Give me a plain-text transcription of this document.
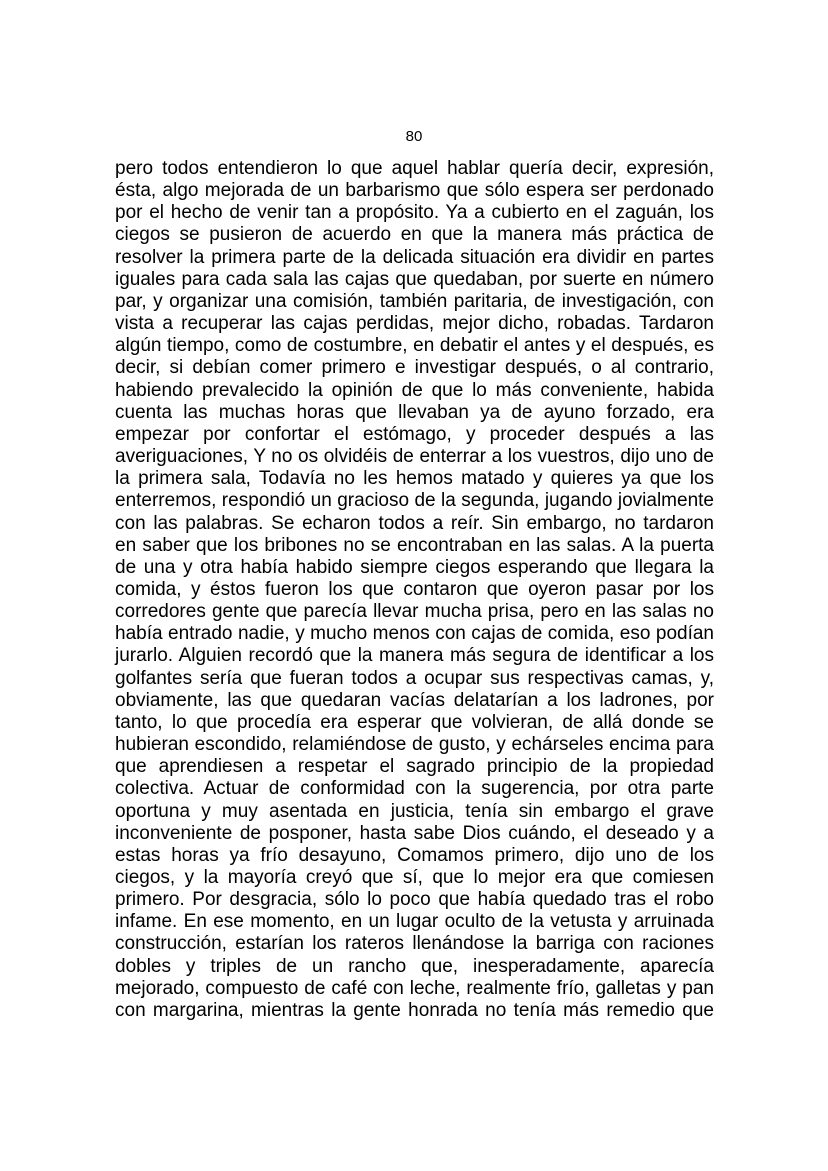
80
pero todos entendieron lo que aquel hablar quería decir, expresión,
ésta, algo mejorada de un barbarismo que sólo espera ser perdonado
por el hecho de venir tan a propósito. Ya a cubierto en el zaguán, los
ciegos se pusieron de acuerdo en que la manera más práctica de
resolver la primera parte de la delicada situación era dividir en partes
iguales para cada sala las cajas que quedaban, por suerte en número
par, y organizar una comisión, también paritaria, de investigación, con
vista a recuperar las cajas perdidas, mejor dicho, robadas. Tardaron
algún tiempo, como de costumbre, en debatir el antes y el después, es
decir, si debían comer primero e investigar después, o al contrario,
habiendo prevalecido la opinión de que lo más conveniente, habida
cuenta las muchas horas que llevaban ya de ayuno forzado, era
empezar por confortar el estómago, y proceder después a las
averiguaciones, Y no os olvidéis de enterrar a los vuestros, dijo uno de
la primera sala, Todavía no les hemos matado y quieres ya que los
enterremos, respondió un gracioso de la segunda, jugando jovialmente
con las palabras. Se echaron todos a reír. Sin embargo, no tardaron
en saber que los bribones no se encontraban en las salas. A la puerta
de una y otra había habido siempre ciegos esperando que llegara la
comida, y éstos fueron los que contaron que oyeron pasar por los
corredores gente que parecía llevar mucha prisa, pero en las salas no
había entrado nadie, y mucho menos con cajas de comida, eso podían
jurarlo. Alguien recordó que la manera más segura de identificar a los
golfantes sería que fueran todos a ocupar sus respectivas camas, y,
obviamente, las que quedaran vacías delatarían a los ladrones, por
tanto, lo que procedía era esperar que volvieran, de allá donde se
hubieran escondido, relamiéndose de gusto, y echárseles encima para
que aprendiesen a respetar el sagrado principio de la propiedad
colectiva. Actuar de conformidad con la sugerencia, por otra parte
oportuna y muy asentada en justicia, tenía sin embargo el grave
inconveniente de posponer, hasta sabe Dios cuándo, el deseado y a
estas horas ya frío desayuno, Comamos primero, dijo uno de los
ciegos, y la mayoría creyó que sí, que lo mejor era que comiesen
primero. Por desgracia, sólo lo poco que había quedado tras el robo
infame. En ese momento, en un lugar oculto de la vetusta y arruinada
construcción, estarían los rateros llenándose la barriga con raciones
dobles y triples de un rancho que, inesperadamente, aparecía
mejorado, compuesto de café con leche, realmente frío, galletas y pan
con margarina, mientras la gente honrada no tenía más remedio que
